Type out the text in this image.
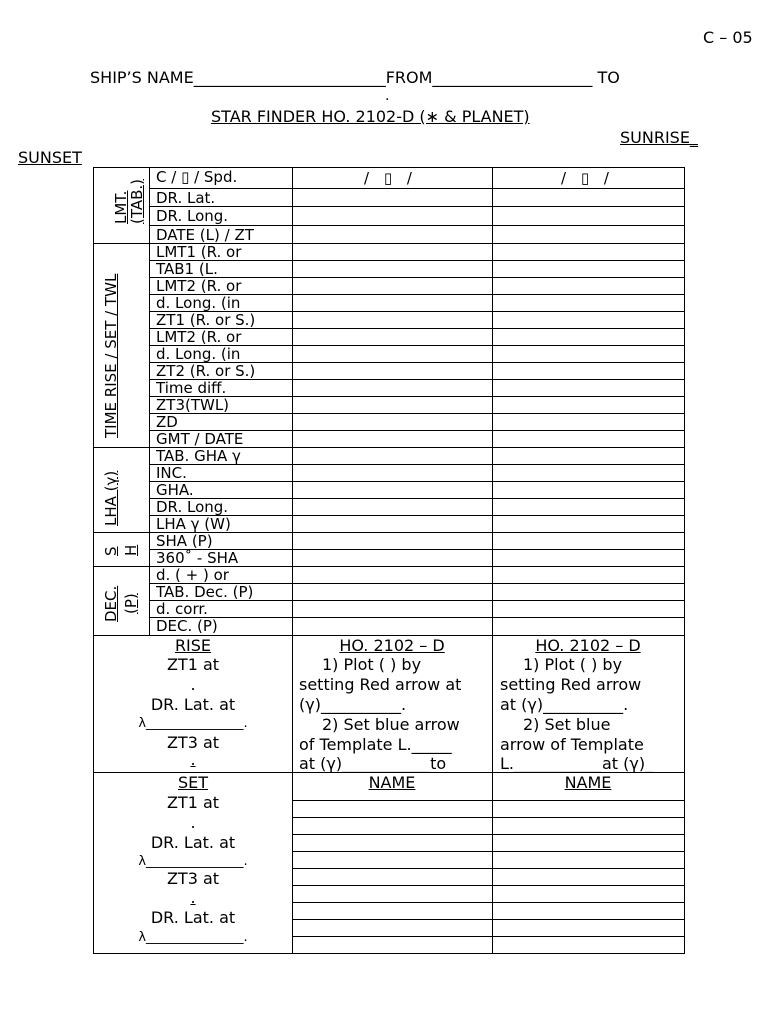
C – 05
SHIP’S NAME________________________FROM____________________ TO
.
STAR FINDER HO. 2102-D (∗ & PLANET)
SUNRISE_
SUNSET
/ ▯ /	/ ▯ /
LMT.
(TAB.)
TIME RISE / SET / TWL
LHA (γ)
S H
DEC. (P)
C / ▯ / Spd.
DR. Lat.
DR. Long.
DATE (L) / ZT
LMT1 (R. or
TAB1 (L.
LMT2 (R. or
d. Long. (in
ZT1 (R. or S.)
LMT2 (R. or
d. Long. (in
ZT2 (R. or S.)
Time diff.
ZT3(TWL)
ZD
GMT / DATE
TAB. GHA γ
INC.
GHA.
DR. Long.
LHA γ (W)
SHA (P)
360˚ - SHA
d. ( + ) or
TAB. Dec. (P)
d. corr.
DEC. (P)
RISE
ZT1 at
.
DR. Lat. at
λ_______________.
ZT3 at
.
HO. 2102 – D
1) Plot ( ) by
setting Red arrow at
(γ)__________.
2) Set blue arrow
of Template L._____
at (γ)___________to
HO. 2102 – D
1) Plot ( ) by
setting Red arrow
at (γ)__________.
2) Set blue
arrow of Template
L.___________at (γ)_
SET
ZT1 at
.
DR. Lat. at
λ_______________.
ZT3 at
.
DR. Lat. at
λ_______________.
NAME	NAME
